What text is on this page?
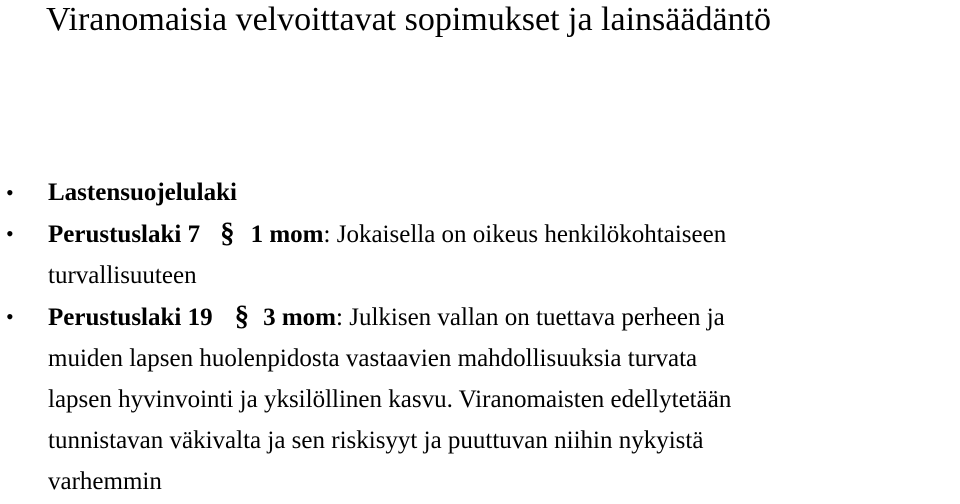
Viranomaisia velvoittavat sopimukset ja lainsäädäntö
• Lastensuojelulaki
• Perustuslaki 7 § 1 mom: Jokaisella on oikeus henkilökohtaiseen
turvallisuuteen
• Perustuslaki 19 § 3 mom: Julkisen vallan on tuettava perheen ja
muiden lapsen huolenpidosta vastaavien mahdollisuuksia turvata
lapsen hyvinvointi ja yksilöllinen kasvu. Viranomaisten edellytetään
tunnistavan väkivalta ja sen riskisyyt ja puuttuvan niihin nykyistä
varhemmin
